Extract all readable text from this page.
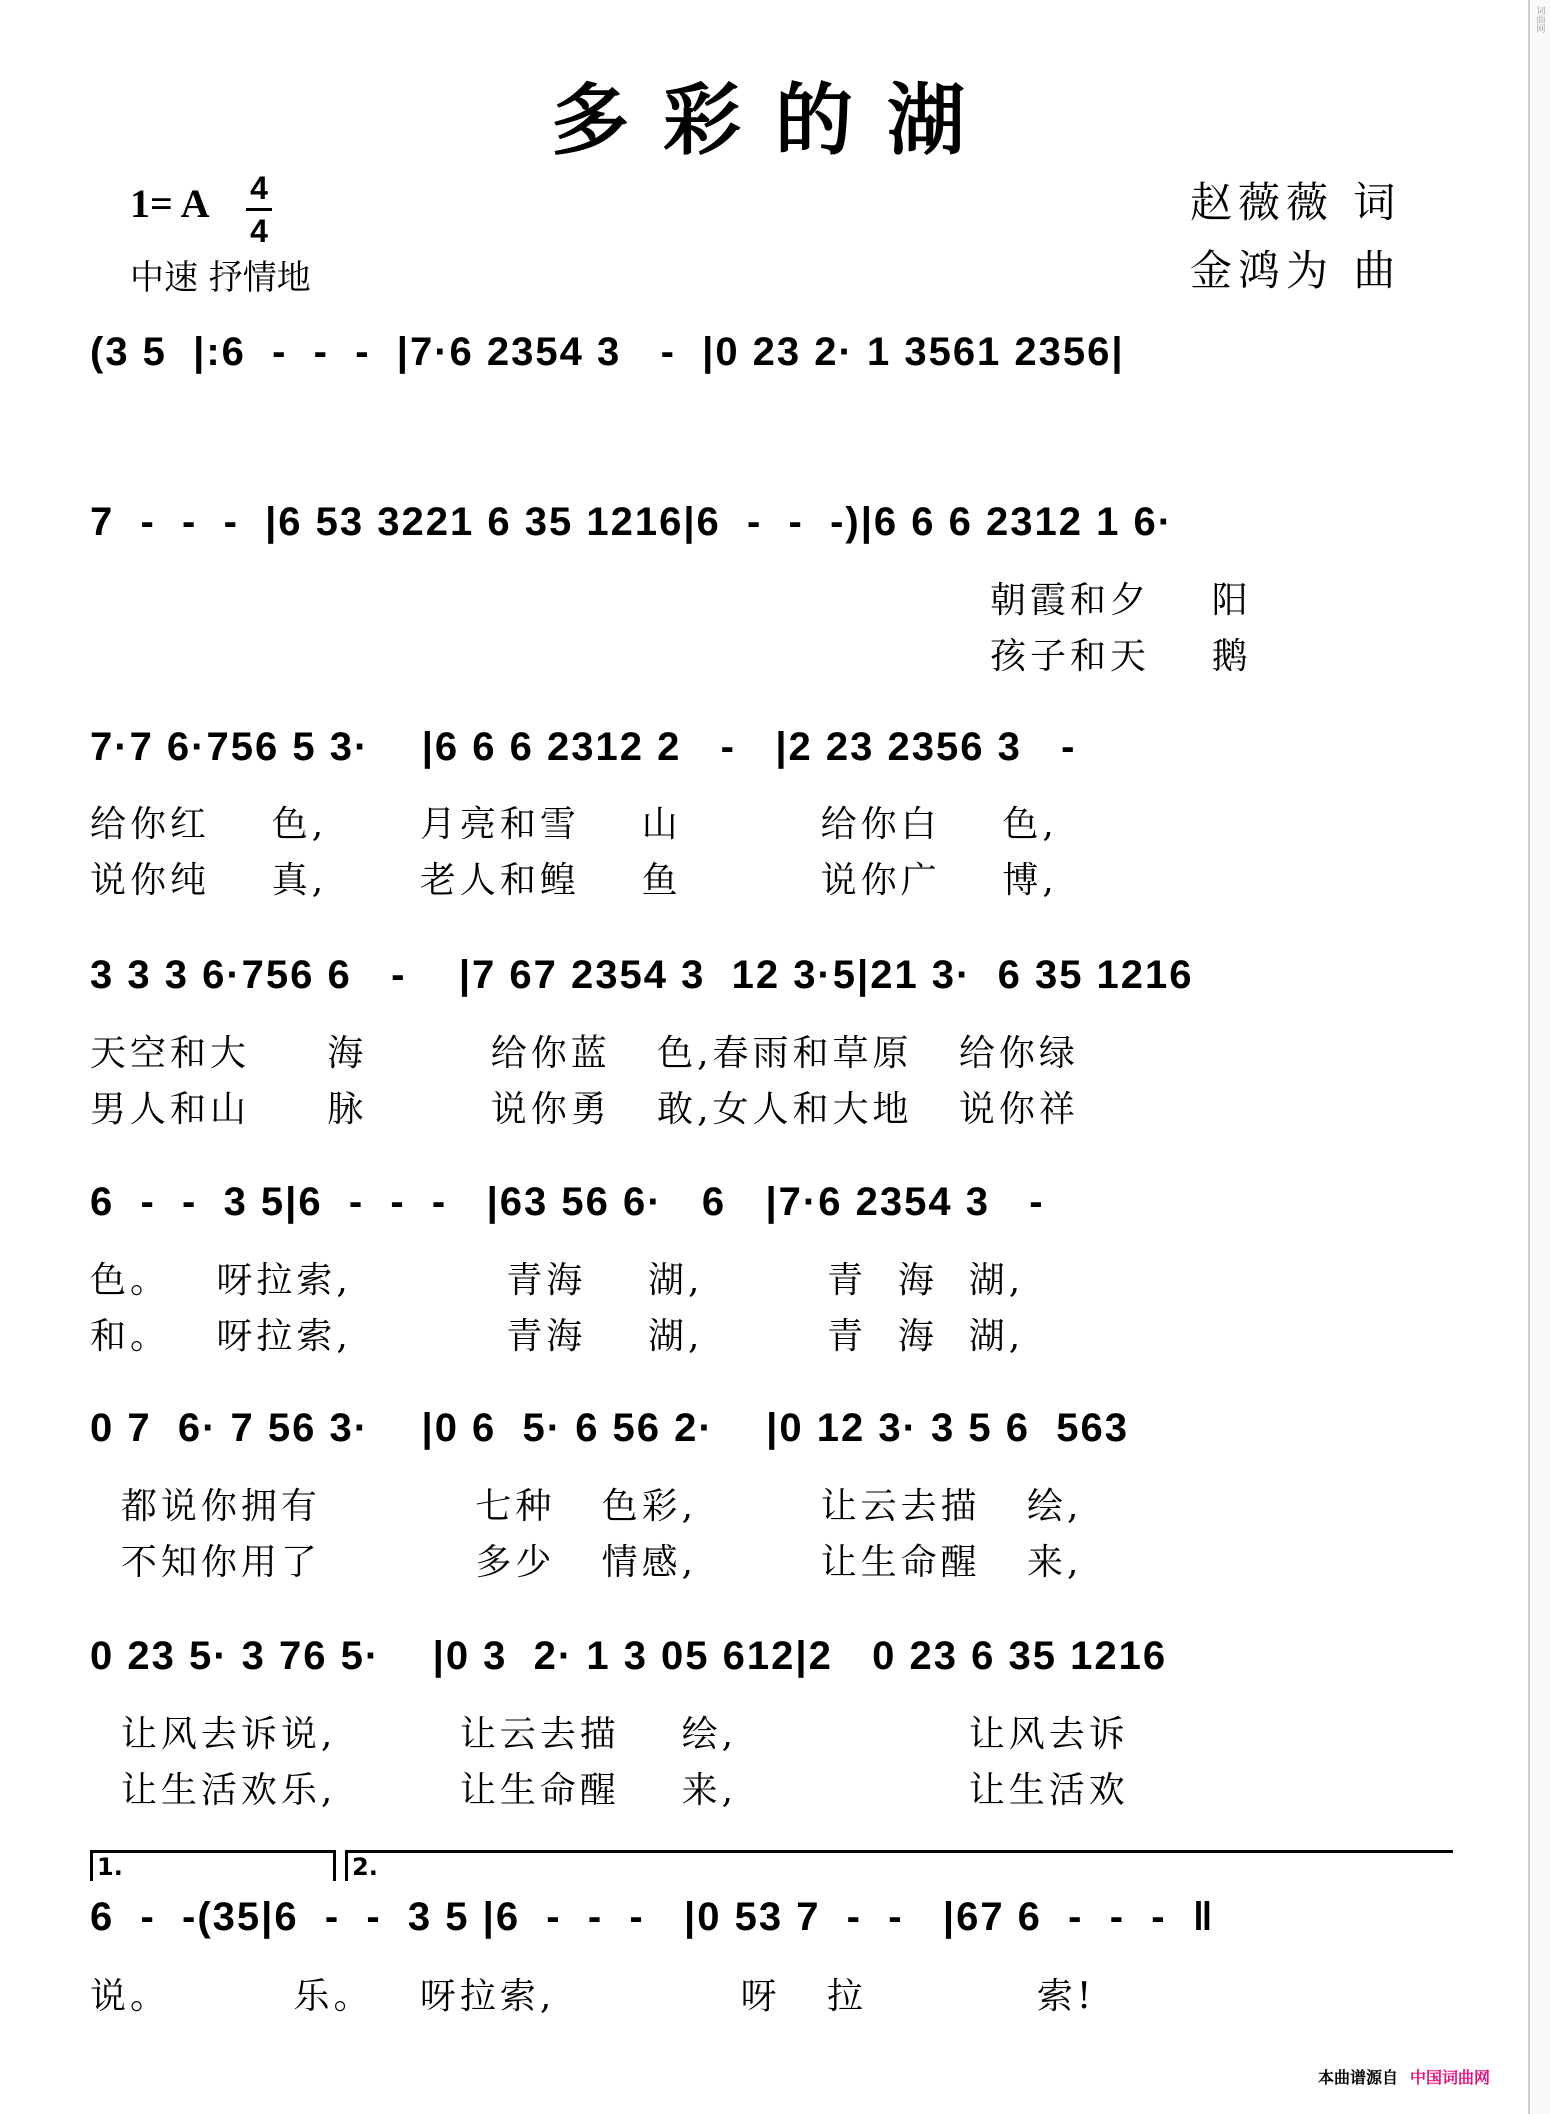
词曲网
多彩的湖
1= A 4
4
中速 抒情地
赵薇薇 词
金鸿为 曲
(3 5  |:6  -  -  -  |7·6 2354 3   -  |0 23 2· 1 3561 2356|
7  -  -  -  |6 53 3221 6 35 1216|6  -  -  -)|6 6 6 2312 1 6·
朝霞和夕    阳
孩子和天    鹅
7·7 6·756 5 3·    |6 6 6 2312 2   -   |2 23 2356 3   -
给你红    色,      月亮和雪    山         给你白    色,
说你纯    真,      老人和鳇    鱼         说你广    博,
3 3 3 6·756 6   -    |7 67 2354 3  12 3·5|21 3·  6 35 1216
天空和大     海        给你蓝   色,春雨和草原   给你绿
男人和山     脉        说你勇   敢,女人和大地   说你祥
6  -  -  3 5|6  -  -  -   |63 56 6·   6   |7·6 2354 3   -
色。   呀拉索,          青海    湖,        青  海  湖,
和。   呀拉索,          青海    湖,        青  海  湖,
0 7  6· 7 56 3·    |0 6  5· 6 56 2·    |0 12 3· 3 5 6  563
都说你拥有          七种   色彩,        让云去描   绘,
不知你用了          多少   情感,        让生命醒   来,
0 23 5· 3 76 5·    |0 3  2· 1 3 05 612|2   0 23 6 35 1216
让风去诉说,        让云去描    绘,               让风去诉
让生活欢乐,        让生命醒    来,               让生活欢
1.	2.
6  -  -(35|6  -  -  3 5 |6  -  -  -   |0 53 7  -  -   |67 6  -  -  -  ‖
说。        乐。   呀拉索,            呀   拉           索!
本曲谱源自 中国词曲网
